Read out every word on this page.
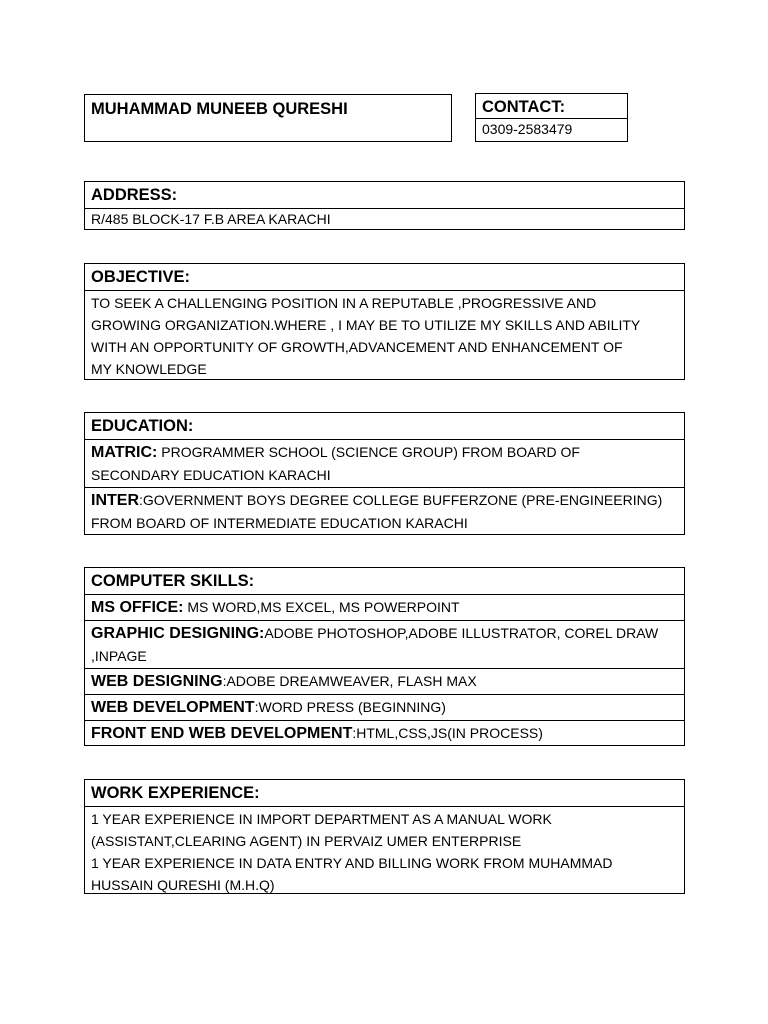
MUHAMMAD MUNEEB QURESHI	CONTACT:
0309-2583479
ADDRESS:
R/485 BLOCK-17 F.B AREA KARACHI
OBJECTIVE:
TO SEEK A CHALLENGING POSITION IN A REPUTABLE ,PROGRESSIVE AND
GROWING ORGANIZATION.WHERE , I MAY BE TO UTILIZE MY SKILLS AND ABILITY
WITH AN OPPORTUNITY OF GROWTH,ADVANCEMENT AND ENHANCEMENT OF
MY KNOWLEDGE
EDUCATION:
MATRIC: PROGRAMMER SCHOOL (SCIENCE GROUP) FROM BOARD OF
SECONDARY EDUCATION KARACHI
INTER:GOVERNMENT BOYS DEGREE COLLEGE BUFFERZONE (PRE-ENGINEERING)
FROM BOARD OF INTERMEDIATE EDUCATION KARACHI
COMPUTER SKILLS:
MS OFFICE: MS WORD,MS EXCEL, MS POWERPOINT
GRAPHIC DESIGNING:ADOBE PHOTOSHOP,ADOBE ILLUSTRATOR, COREL DRAW
,INPAGE
WEB DESIGNING:ADOBE DREAMWEAVER, FLASH MAX
WEB DEVELOPMENT:WORD PRESS (BEGINNING)
FRONT END WEB DEVELOPMENT:HTML,CSS,JS(IN PROCESS)
WORK EXPERIENCE:
1 YEAR EXPERIENCE IN IMPORT DEPARTMENT AS A MANUAL WORK
(ASSISTANT,CLEARING AGENT) IN PERVAIZ UMER ENTERPRISE
1 YEAR EXPERIENCE IN DATA ENTRY AND BILLING WORK FROM MUHAMMAD
HUSSAIN QURESHI (M.H.Q)
